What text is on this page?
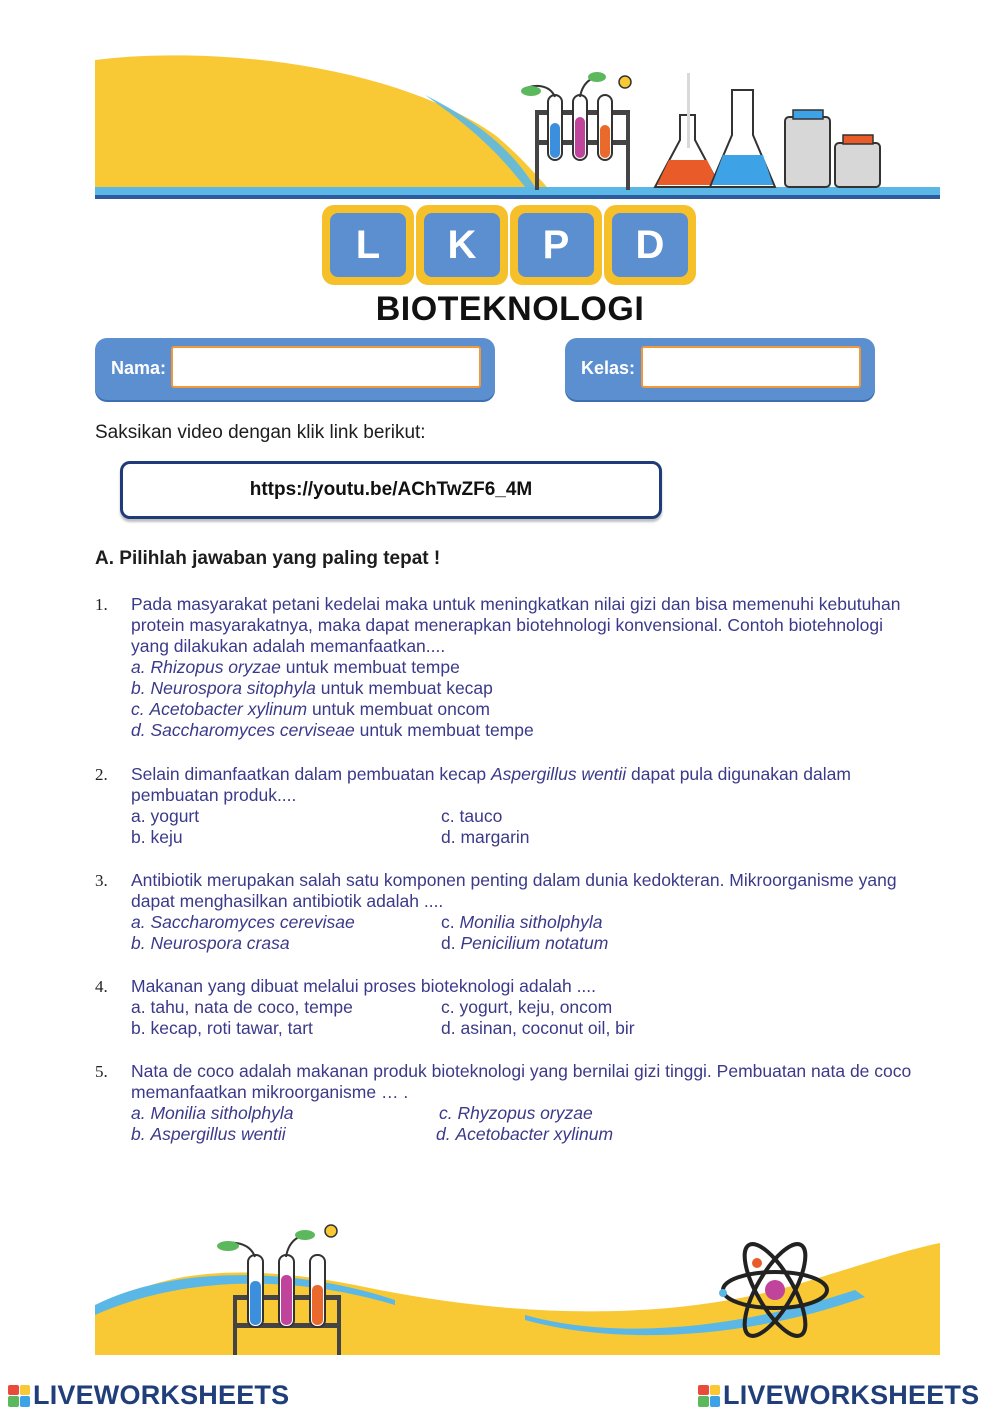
L	K	P	D
BIOTEKNOLOGI
Nama:	Kelas:
Saksikan video dengan klik link berikut:
https://youtu.be/AChTwZF6_4M
A. Pilihlah jawaban yang paling tepat !
1. Pada masyarakat petani kedelai maka untuk meningkatkan nilai gizi dan bisa memenuhi kebutuhan protein masyarakatnya, maka dapat menerapkan biotehnologi konvensional. Contoh biotehnologi yang dilakukan adalah memanfaatkan....
a. Rhizopus oryzae untuk membuat tempe
b. Neurospora sitophyla untuk membuat kecap
c. Acetobacter xylinum untuk membuat oncom
d. Saccharomyces cerviseae untuk membuat tempe
2. Selain dimanfaatkan dalam pembuatan kecap Aspergillus wentii dapat pula digunakan dalam pembuatan produk....
a. yogurt
b. keju
c. tauco
d. margarin
3. Antibiotik merupakan salah satu komponen penting dalam dunia kedokteran. Mikroorganisme yang dapat menghasilkan antibiotik adalah ....
a. Saccharomyces cerevisae
b. Neurospora crasa
c. Monilia sitholphyla
d. Penicilium notatum
4. Makanan yang dibuat melalui proses bioteknologi adalah ....
a. tahu, nata de coco, tempe
b. kecap, roti tawar, tart
c. yogurt, keju, oncom
d. asinan, coconut oil, bir
5. Nata de coco adalah makanan produk bioteknologi yang bernilai gizi tinggi. Pembuatan nata de coco memanfaatkan mikroorganisme … .
a. Monilia sitholphyla
b. Aspergillus wentii
c. Rhyzopus oryzae
d. Acetobacter xylinum
LIVEWORKSHEETS	LIVEWORKSHEETS
